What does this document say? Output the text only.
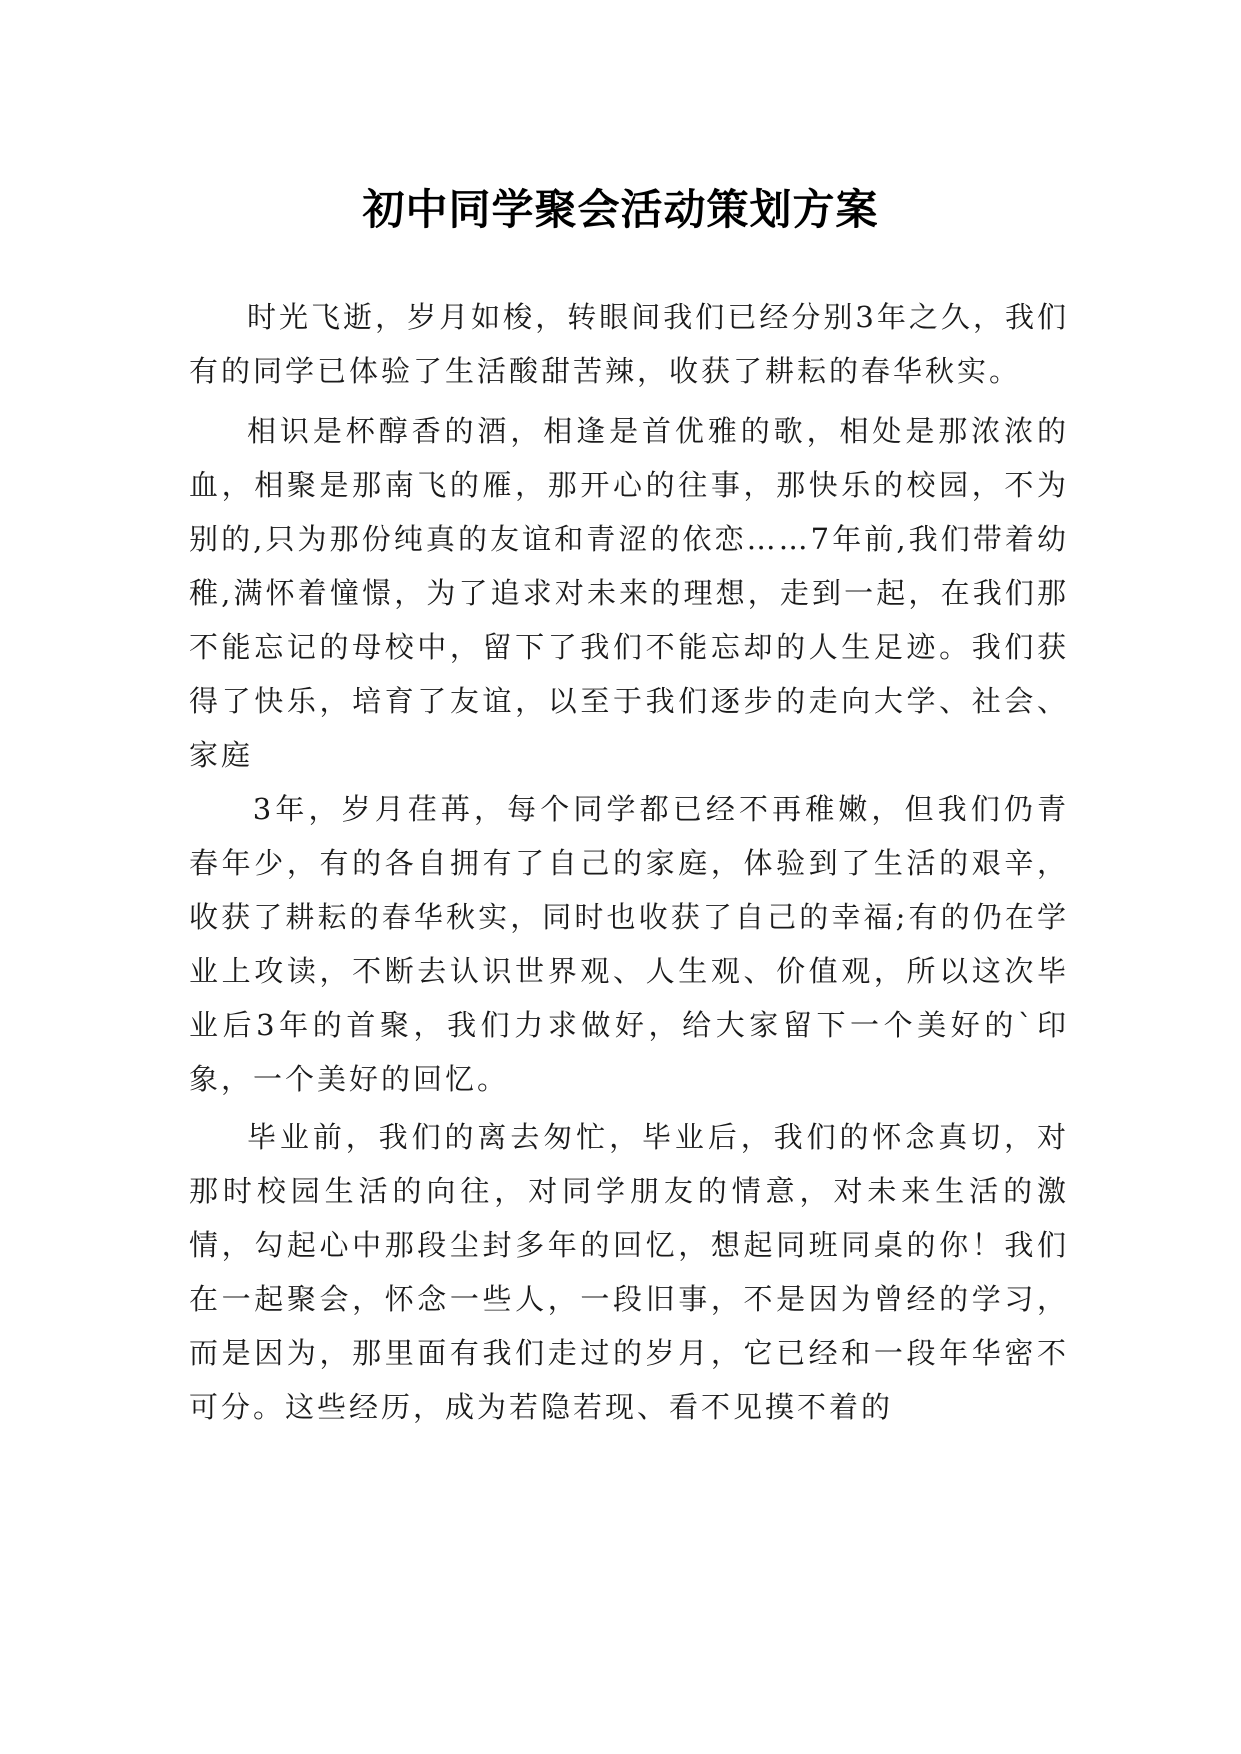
初中同学聚会活动策划方案

时光飞逝，岁月如梭，转眼间我们已经分别3年之久，我们有的同学已体验了生活酸甜苦辣，收获了耕耘的春华秋实。

相识是杯醇香的酒，相逢是首优雅的歌，相处是那浓浓的血，相聚是那南飞的雁，那开心的往事，那快乐的校园，不为别的,只为那份纯真的友谊和青涩的依恋……7年前,我们带着幼稚,满怀着憧憬，为了追求对未来的理想，走到一起，在我们那不能忘记的母校中，留下了我们不能忘却的人生足迹。我们获得了快乐，培育了友谊，以至于我们逐步的走向大学、社会、家庭

3年，岁月荏苒，每个同学都已经不再稚嫩，但我们仍青春年少，有的各自拥有了自己的家庭，体验到了生活的艰辛，收获了耕耘的春华秋实，同时也收获了自己的幸福;有的仍在学业上攻读，不断去认识世界观、人生观、价值观，所以这次毕业后3年的首聚，我们力求做好，给大家留下一个美好的`印象，一个美好的回忆。

毕业前，我们的离去匆忙，毕业后，我们的怀念真切，对那时校园生活的向往，对同学朋友的情意，对未来生活的激情，勾起心中那段尘封多年的回忆，想起同班同桌的你！我们在一起聚会，怀念一些人，一段旧事，不是因为曾经的学习，而是因为，那里面有我们走过的岁月，它已经和一段年华密不可分。这些经历，成为若隐若现、看不见摸不着的
